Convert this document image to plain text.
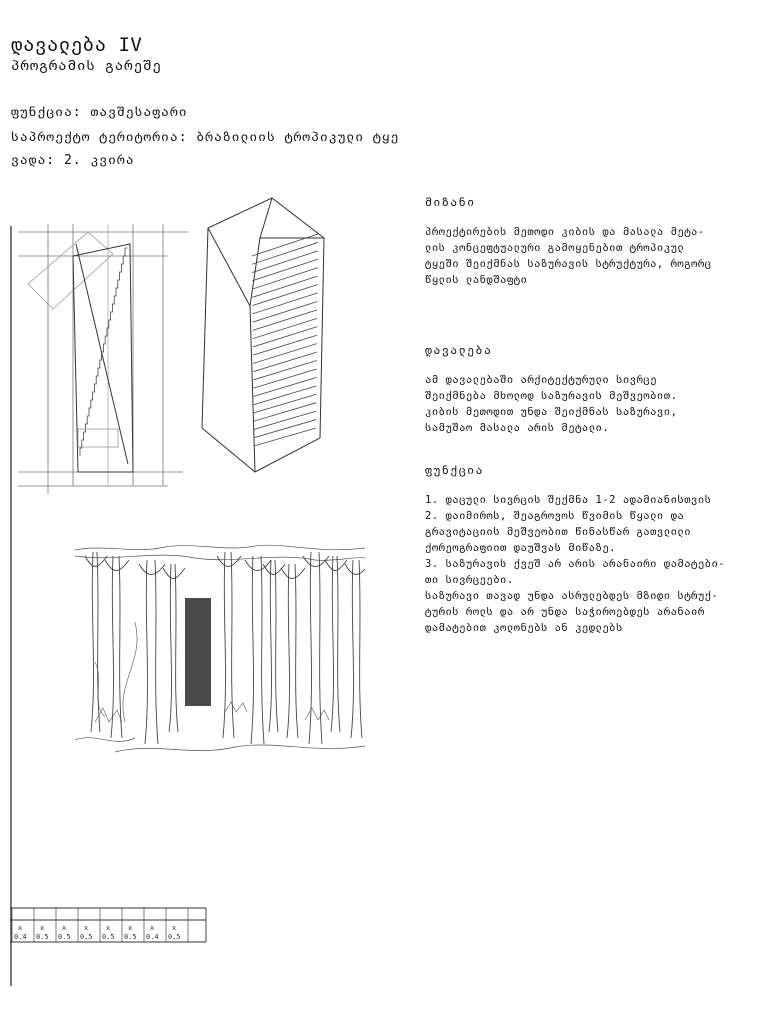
დავალება IV
პროგრამის გარეშე
ფუნქცია: თავშესაფარი
საპროექტო ტერიტორია: ბრაზილიის ტროპიკული ტყე
ვადა: 2. კვირა
მიზანი
პროექტირების მეთოდი კიბის და მასალა მეტა-
ლის კონცეფტუალური გამოყენებით ტროპიკულ
ტყეში შეიქმნას საზურავის სტრუქტურა, როგორც
წყლის ლანდშაფტი
დავალება
ამ დავალებაში არქიტექტურული სივრცე
შეიქმნება მხოლოდ საზურავის მეშვეობით.
კიბის მეთოდით უნდა შეიქმნას საზურავი,
სამუშაო მასალა არის მეტალი.
ფუნქცია
1. დაცული სივრცის შექმნა 1-2 ადამიანისთვის
2. დაიმიროს, შეაგროვოს წვიმის წყალი და
გრავიტაციის მეშვეობით წინასწარ გათვლილი
ქორეოგრაფიით დაუშვას მიწაზე.
3. საზურავის ქვეშ არ არის არანაირი დამატები-
თი სივრცეები.
საზურავი თავად უნდა ასრულებდეს მზიდი სტრუქ-
ტურის როლს და არ უნდა საჭიროებდეს არანაირ
დამატებით კოლონებს ან კედლებს
x
0.4
x
0.5
x
0.5
x
0.5
x
0.5
x
0.5
x
0.4
x
0.5
